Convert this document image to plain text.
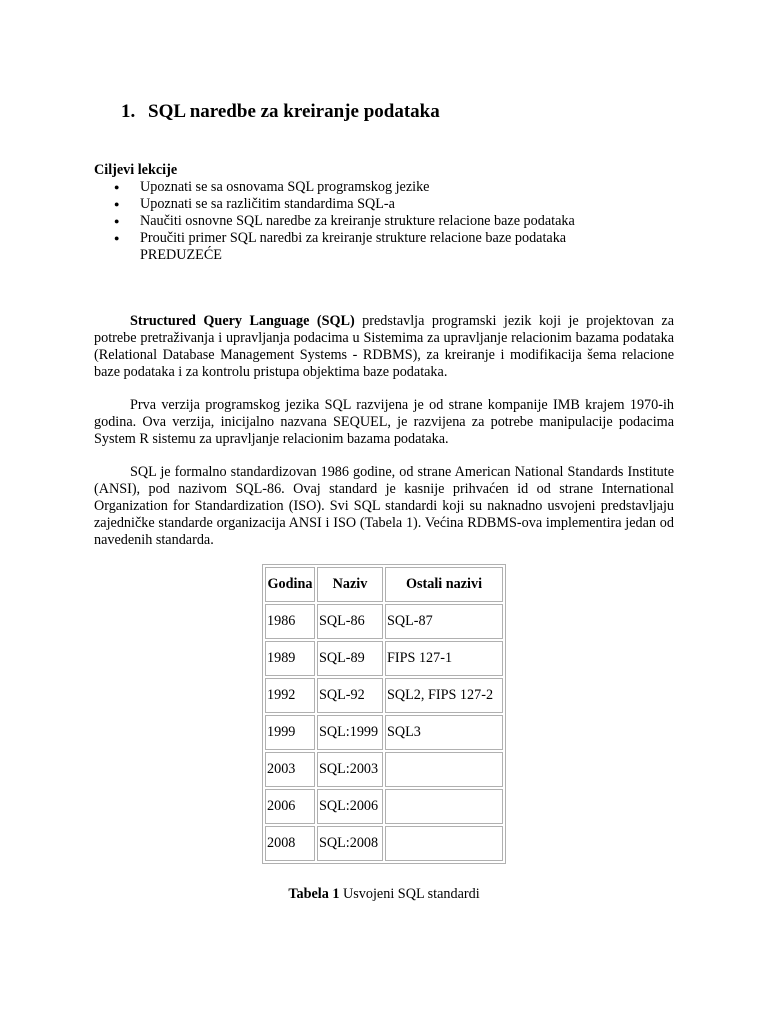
1. SQL naredbe za kreiranje podataka
Ciljevi lekcije
● Upoznati se sa osnovama SQL programskog jezike
● Upoznati se sa različitim standardima SQL-a
● Naučiti osnovne SQL naredbe za kreiranje strukture relacione baze podataka
● Proučiti primer SQL naredbi za kreiranje strukture relacione baze podataka PREDUZEĆE

Structured Query Language (SQL) predstavlja programski jezik koji je projektovan za potrebe pretraživanja i upravljanja podacima u Sistemima za upravljanje relacionim bazama podataka (Relational Database Management Systems - RDBMS), za kreiranje i modifikacija šema relacione baze podataka i za kontrolu pristupa objektima baze podataka.

Prva verzija programskog jezika SQL razvijena je od strane kompanije IMB krajem 1970-ih godina. Ova verzija, inicijalno nazvana SEQUEL, je razvijena za potrebe manipulacije podacima System R sistemu za upravljanje relacionim bazama podataka.

SQL je formalno standardizovan 1986 godine, od strane American National Standards Institute (ANSI), pod nazivom SQL-86. Ovaj standard je kasnije prihvaćen id od strane International Organization for Standardization (ISO). Svi SQL standardi koji su naknadno usvojeni predstavljaju zajedničke standarde organizacija ANSI i ISO (Tabela 1). Većina RDBMS-ova implementira jedan od navedenih standarda.

Godina	Naziv	Ostali nazivi
1986	SQL-86	SQL-87
1989	SQL-89	FIPS 127-1
1992	SQL-92	SQL2, FIPS 127-2
1999	SQL:1999	SQL3
2003	SQL:2003	
2006	SQL:2006	
2008	SQL:2008	
Tabela 1 Usvojeni SQL standardi
